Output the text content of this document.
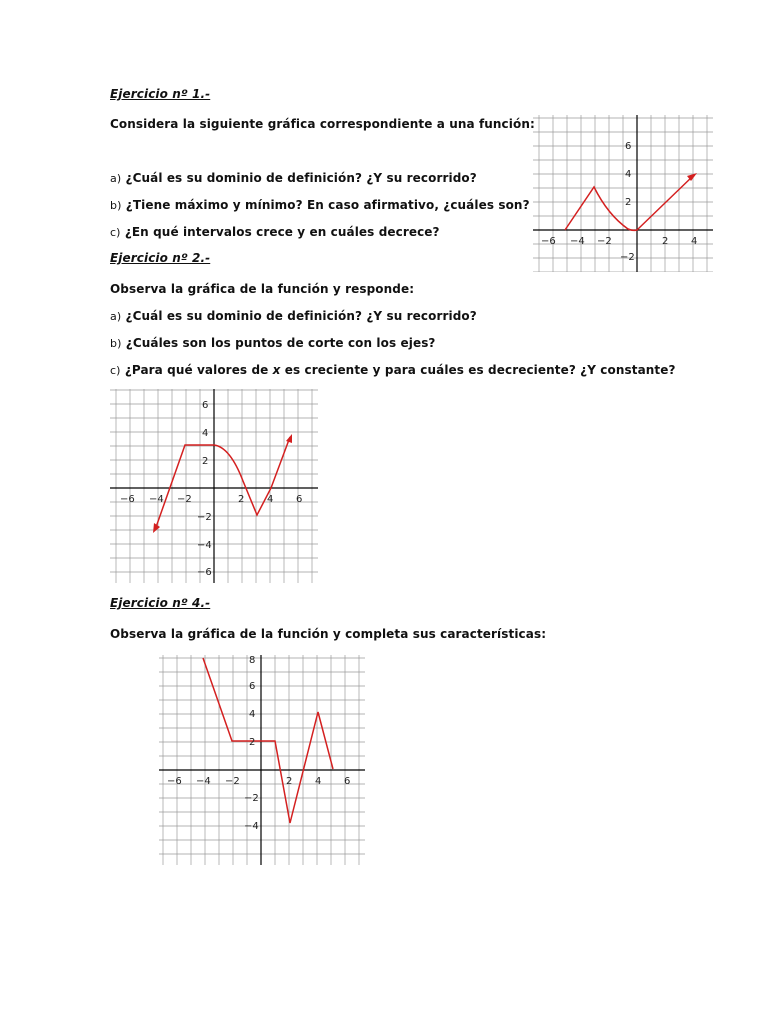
Ejercicio nº 1.-
Considera la siguiente gráfica correspondiente a una función:
a) ¿Cuál es su dominio de definición? ¿Y su recorrido?
b) ¿Tiene máximo y mínimo? En caso afirmativo, ¿cuáles son?
c) ¿En qué intervalos crece y en cuáles decrece?
−6 −4 −2	2 4
6
4
2
−2
Ejercicio nº 2.-
Observa la gráfica de la función y responde:
a) ¿Cuál es su dominio de definición? ¿Y su recorrido?
b) ¿Cuáles son los puntos de corte con los ejes?
c) ¿Para qué valores de x es creciente y para cuáles es decreciente? ¿Y constante?
−6 −4 −2	2 4 6
6
4
2
−2
−4
−6
Ejercicio nº 4.-
Observa la gráfica de la función y completa sus características:
−6 −4 −2	2 4 6
8
6
4
2
−2
−4
